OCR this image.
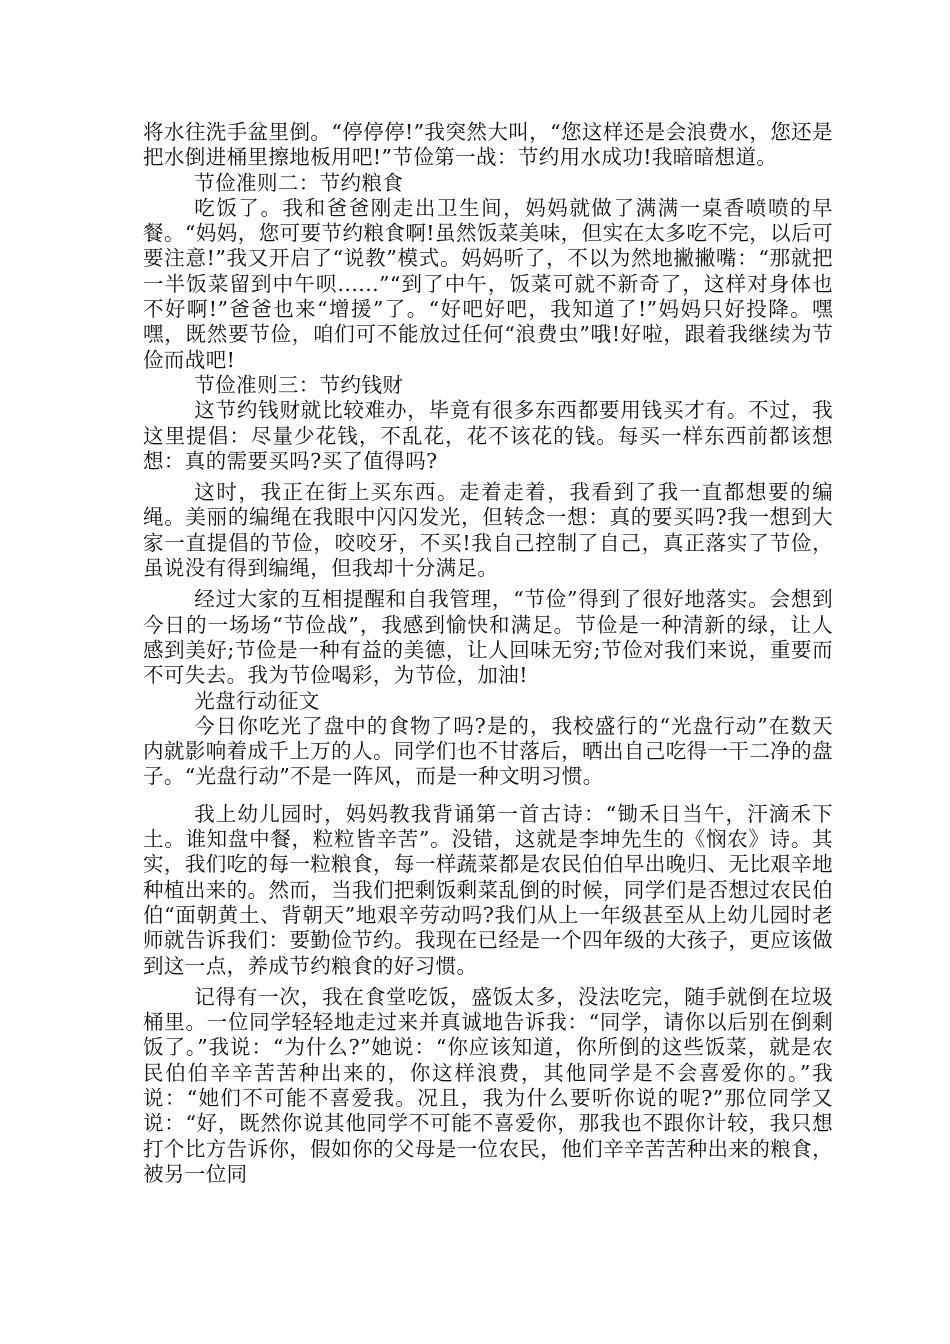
将水往洗手盆里倒。“停停停!”我突然大叫，“您这样还是会浪费水，您还是把水倒进桶里擦地板用吧!”节俭第一战：节约用水成功!我暗暗想道。

节俭准则二：节约粮食

吃饭了。我和爸爸刚走出卫生间，妈妈就做了满满一桌香喷喷的早餐。“妈妈，您可要节约粮食啊!虽然饭菜美味，但实在太多吃不完，以后可要注意!”我又开启了“说教”模式。妈妈听了，不以为然地撇撇嘴：“那就把一半饭菜留到中午呗......”“到了中午，饭菜可就不新奇了，这样对身体也不好啊!”爸爸也来“增援”了。“好吧好吧，我知道了!”妈妈只好投降。嘿嘿，既然要节俭，咱们可不能放过任何“浪费虫”哦!好啦，跟着我继续为节俭而战吧!

节俭准则三：节约钱财

这节约钱财就比较难办，毕竟有很多东西都要用钱买才有。不过，我这里提倡：尽量少花钱，不乱花，花不该花的钱。每买一样东西前都该想想：真的需要买吗?买了值得吗?

这时，我正在街上买东西。走着走着，我看到了我一直都想要的编绳。美丽的编绳在我眼中闪闪发光，但转念一想：真的要买吗?我一想到大家一直提倡的节俭，咬咬牙，不买!我自己控制了自己，真正落实了节俭，虽说没有得到编绳，但我却十分满足。

经过大家的互相提醒和自我管理，“节俭”得到了很好地落实。会想到今日的一场场“节俭战”，我感到愉快和满足。节俭是一种清新的绿，让人感到美好;节俭是一种有益的美德，让人回味无穷;节俭对我们来说，重要而不可失去。我为节俭喝彩，为节俭，加油!

光盘行动征文

今日你吃光了盘中的食物了吗?是的，我校盛行的“光盘行动”在数天内就影响着成千上万的人。同学们也不甘落后，晒出自己吃得一干二净的盘子。“光盘行动”不是一阵风，而是一种文明习惯。

我上幼儿园时，妈妈教我背诵第一首古诗：“锄禾日当午，汗滴禾下土。谁知盘中餐，粒粒皆辛苦”。没错，这就是李坤先生的《悯农》诗。其实，我们吃的每一粒粮食，每一样蔬菜都是农民伯伯早出晚归、无比艰辛地种植出来的。然而，当我们把剩饭剩菜乱倒的时候，同学们是否想过农民伯伯“面朝黄土、背朝天”地艰辛劳动吗?我们从上一年级甚至从上幼儿园时老师就告诉我们：要勤俭节约。我现在已经是一个四年级的大孩子，更应该做到这一点，养成节约粮食的好习惯。

记得有一次，我在食堂吃饭，盛饭太多，没法吃完，随手就倒在垃圾桶里。一位同学轻轻地走过来并真诚地告诉我：“同学，请你以后别在倒剩饭了。”我说：“为什么?”她说：“你应该知道，你所倒的这些饭菜，就是农民伯伯辛辛苦苦种出来的，你这样浪费，其他同学是不会喜爱你的。”我说：“她们不可能不喜爱我。况且，我为什么要听你说的呢?”那位同学又说：“好，既然你说其他同学不可能不喜爱你，那我也不跟你计较，我只想打个比方告诉你，假如你的父母是一位农民，他们辛辛苦苦种出来的粮食，被另一位同
